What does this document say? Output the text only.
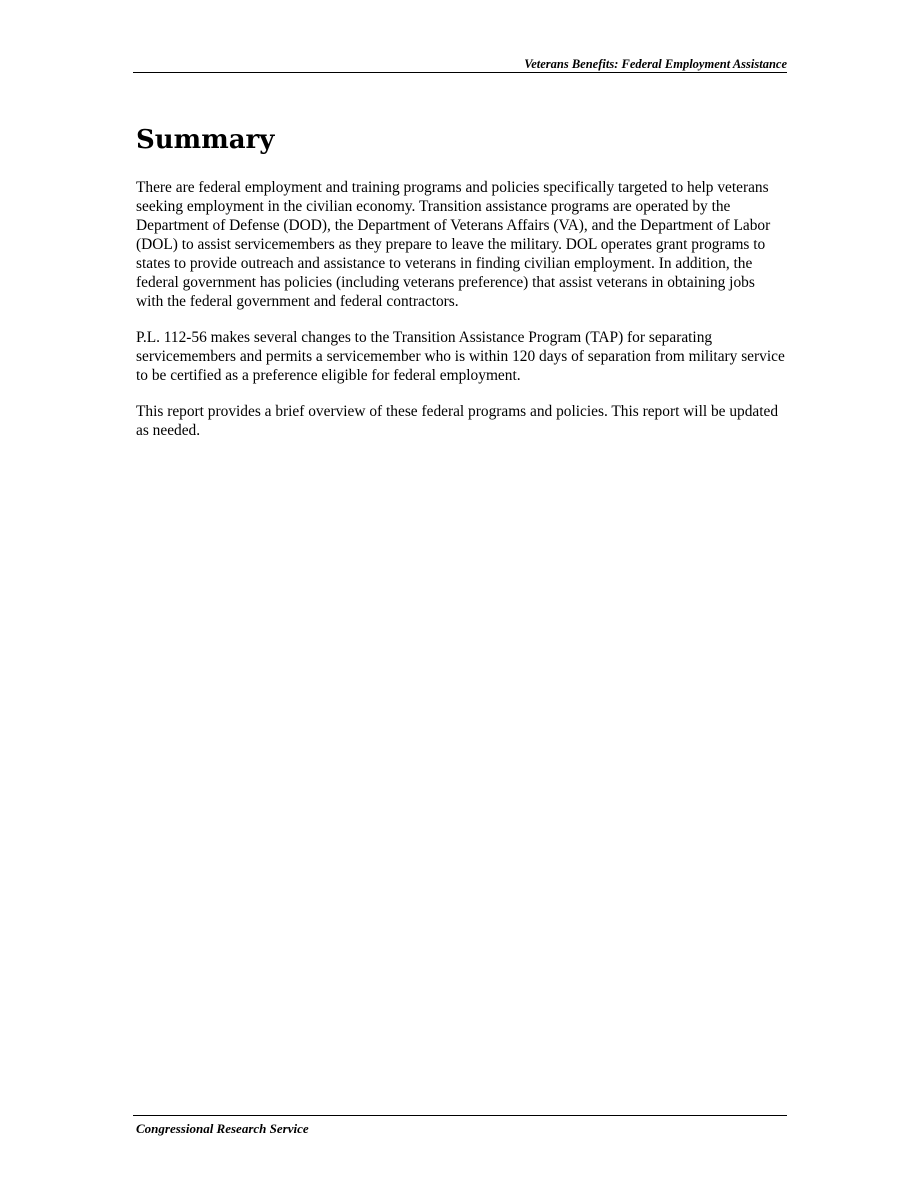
Veterans Benefits: Federal Employment Assistance
Summary

There are federal employment and training programs and policies specifically targeted to help veterans seeking employment in the civilian economy. Transition assistance programs are operated by the Department of Defense (DOD), the Department of Veterans Affairs (VA), and the Department of Labor (DOL) to assist servicemembers as they prepare to leave the military. DOL operates grant programs to states to provide outreach and assistance to veterans in finding civilian employment. In addition, the federal government has policies (including veterans preference) that assist veterans in obtaining jobs with the federal government and federal contractors.

P.L. 112-56 makes several changes to the Transition Assistance Program (TAP) for separating servicemembers and permits a servicemember who is within 120 days of separation from military service to be certified as a preference eligible for federal employment.

This report provides a brief overview of these federal programs and policies. This report will be updated as needed.

Congressional Research Service
